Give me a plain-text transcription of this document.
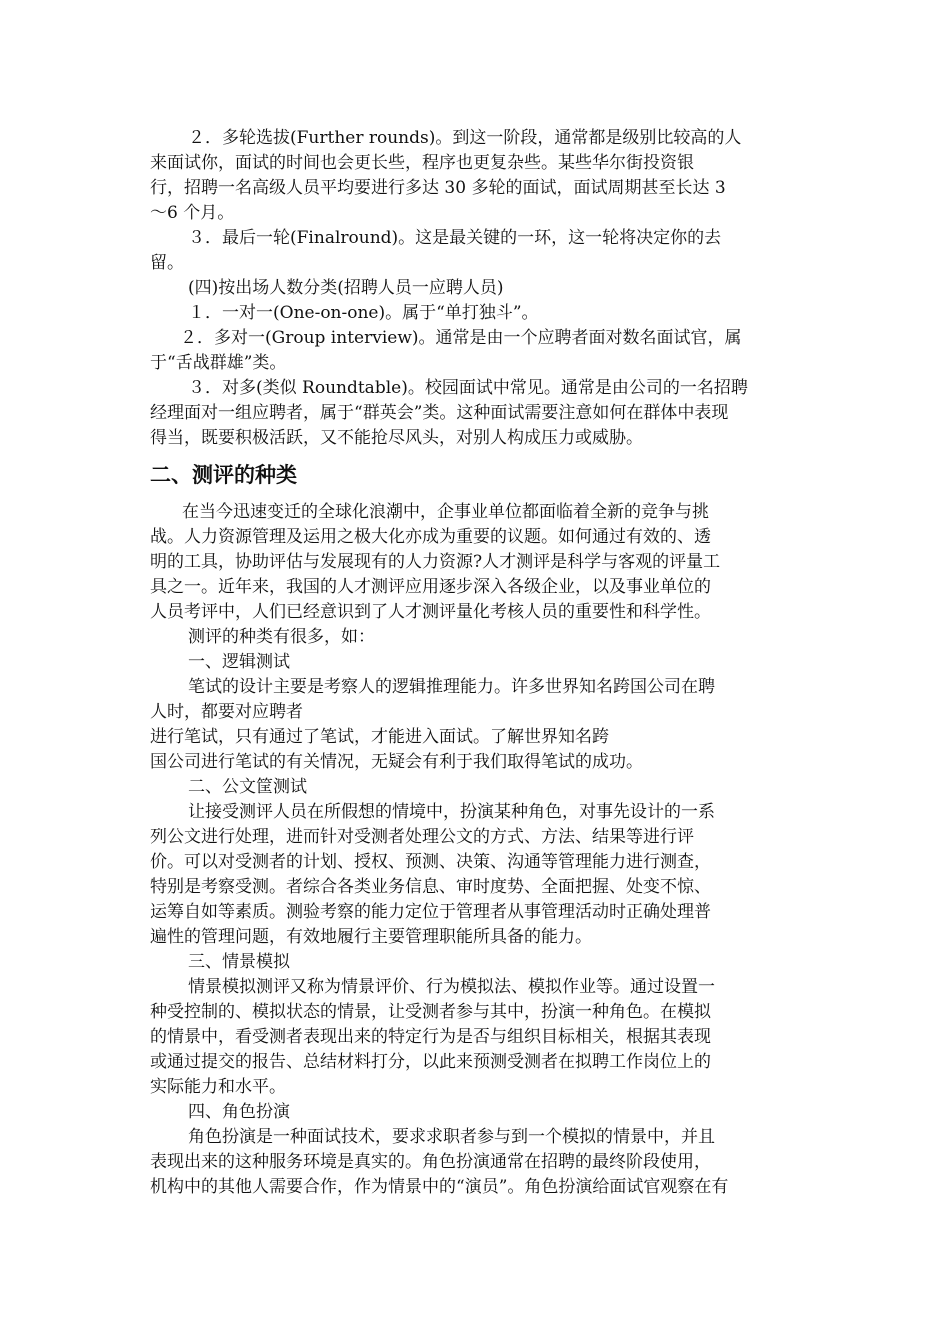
２．多轮选拔(Further rounds)。到这一阶段，通常都是级别比较高的人
来面试你，面试的时间也会更长些，程序也更复杂些。某些华尔街投资银
行，招聘一名高级人员平均要进行多达 30 多轮的面试，面试周期甚至长达 3
～6 个月。
３．最后一轮(Finalround)。这是最关键的一环，这一轮将决定你的去
留。
(四)按出场人数分类(招聘人员一应聘人员)
１．一对一(One-on-one)。属于“单打独斗”。
２．多对一(Group interview)。通常是由一个应聘者面对数名面试官，属
于“舌战群雄”类。
３．对多(类似 Roundtable)。校园面试中常见。通常是由公司的一名招聘
经理面对一组应聘者，属于“群英会”类。这种面试需要注意如何在群体中表现
得当，既要积极活跃，又不能抢尽风头，对别人构成压力或威胁。
二、测评的种类
在当今迅速变迁的全球化浪潮中，企事业单位都面临着全新的竞争与挑
战。人力资源管理及运用之极大化亦成为重要的议题。如何通过有效的、透
明的工具，协助评估与发展现有的人力资源?人才测评是科学与客观的评量工
具之一。近年来，我国的人才测评应用逐步深入各级企业，以及事业单位的
人员考评中，人们已经意识到了人才测评量化考核人员的重要性和科学性。
测评的种类有很多，如：
一、逻辑测试
笔试的设计主要是考察人的逻辑推理能力。许多世界知名跨国公司在聘
人时，都要对应聘者
进行笔试，只有通过了笔试，才能进入面试。了解世界知名跨
国公司进行笔试的有关情况，无疑会有利于我们取得笔试的成功。
二、公文筐测试
让接受测评人员在所假想的情境中，扮演某种角色，对事先设计的一系
列公文进行处理，进而针对受测者处理公文的方式、方法、结果等进行评
价。可以对受测者的计划、授权、预测、决策、沟通等管理能力进行测查，
特别是考察受测。者综合各类业务信息、审时度势、全面把握、处变不惊、
运筹自如等素质。测验考察的能力定位于管理者从事管理活动时正确处理普
遍性的管理问题，有效地履行主要管理职能所具备的能力。
三、情景模拟
情景模拟测评又称为情景评价、行为模拟法、模拟作业等。通过设置一
种受控制的、模拟状态的情景，让受测者参与其中，扮演一种角色。在模拟
的情景中，看受测者表现出来的特定行为是否与组织目标相关，根据其表现
或通过提交的报告、总结材料打分，以此来预测受测者在拟聘工作岗位上的
实际能力和水平。
四、角色扮演
角色扮演是一种面试技术，要求求职者参与到一个模拟的情景中，并且
表现出来的这种服务环境是真实的。角色扮演通常在招聘的最终阶段使用，
机构中的其他人需要合作，作为情景中的“演员”。角色扮演给面试官观察在有
